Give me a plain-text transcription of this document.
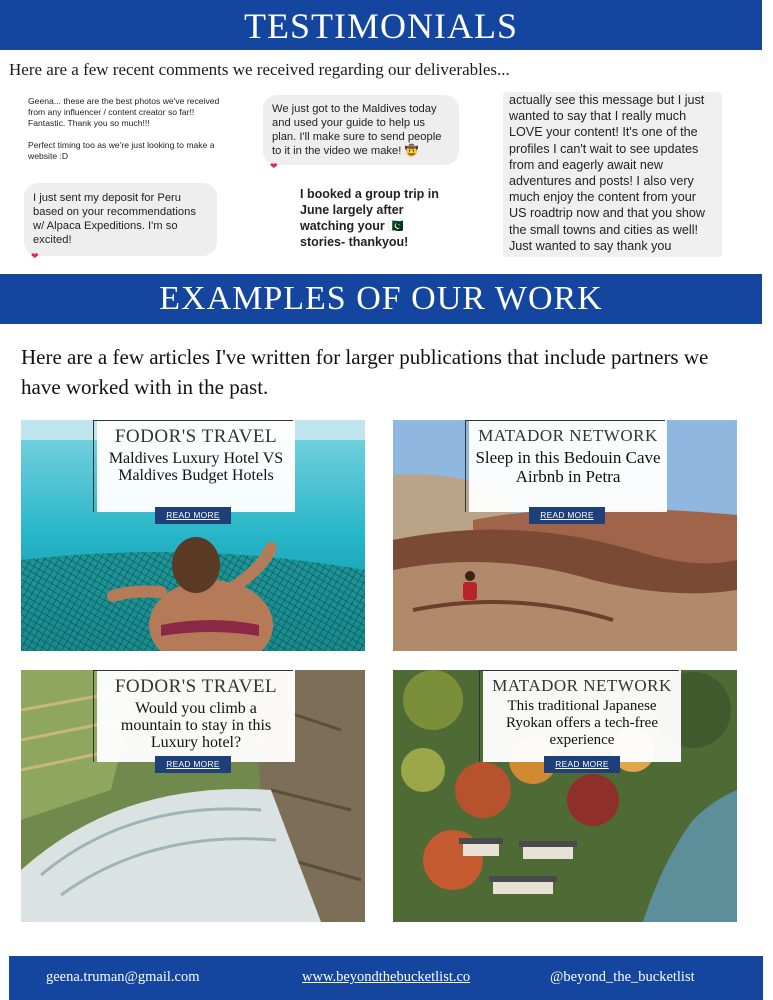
TESTIMONIALS
Here are a few recent comments we received regarding our deliverables...
Geena... these are the best photos we've received from any influencer / content creator so far!! Fantastic. Thank you so much!!!

Perfect timing too as we're just looking to make a website :D
I just sent my deposit for Peru based on your recommendations w/ Alpaca Expeditions. I'm so excited!
❤
We just got to the Maldives today and used your guide to help us plan. I'll make sure to send people to it in the video we make! 🤠
❤
I booked a group trip in June largely after watching your 🇵🇰 stories- thankyou!
actually see this message but I just wanted to say that I really much LOVE your content! It's one of the profiles I can't wait to see updates from and eagerly await new adventures and posts! I also very much enjoy the content from your US roadtrip now and that you show the small towns and cities as well! Just wanted to say thank you
EXAMPLES OF OUR WORK
Here are a few articles I've written for larger publications that include partners we have worked with in the past.
FODOR'S TRAVEL
Maldives Luxury Hotel VS Maldives Budget Hotels
READ MORE
MATADOR NETWORK
Sleep in this Bedouin Cave Airbnb in Petra
READ MORE
FODOR'S TRAVEL
Would you climb a mountain to stay in this Luxury hotel?
READ MORE
MATADOR NETWORK
This traditional Japanese Ryokan offers a tech-free experience
READ MORE
geena.truman@gmail.com	www.beyondthebucketlist.co	@beyond_the_bucketlist
